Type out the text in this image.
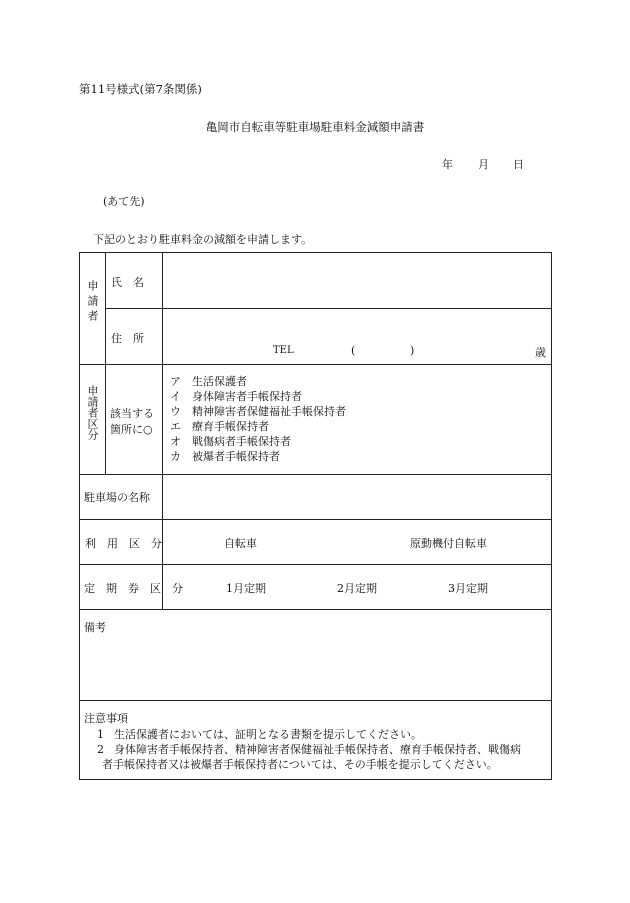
第11号様式(第7条関係)
亀岡市自転車等駐車場駐車料金減額申請書
年 月 日
(あて先)
下記のとおり駐車料金の減額を申請します。
申請者 氏　名
住　所
TEL	(	)	歳
申請者区分 該当する
箇所に○
ア　 生活保護者
イ　 身体障害者手帳保持者
ウ　 精神障害者保健福祉手帳保持者
エ　 療育手帳保持者
オ　 戦傷病者手帳保持者
カ　 被爆者手帳保持者
駐車場の名称
利　用　区　分	自転車	原動機付自転車
定　期　券　区　分	1月定期	2月定期	3月定期
備考
注意事項
1 生活保護者においては、証明となる書類を提示してください。
2 身体障害者手帳保持者、精神障害者保健福祉手帳保持者、療育手帳保持者、戦傷病
者手帳保持者又は被爆者手帳保持者については、その手帳を提示してください。
